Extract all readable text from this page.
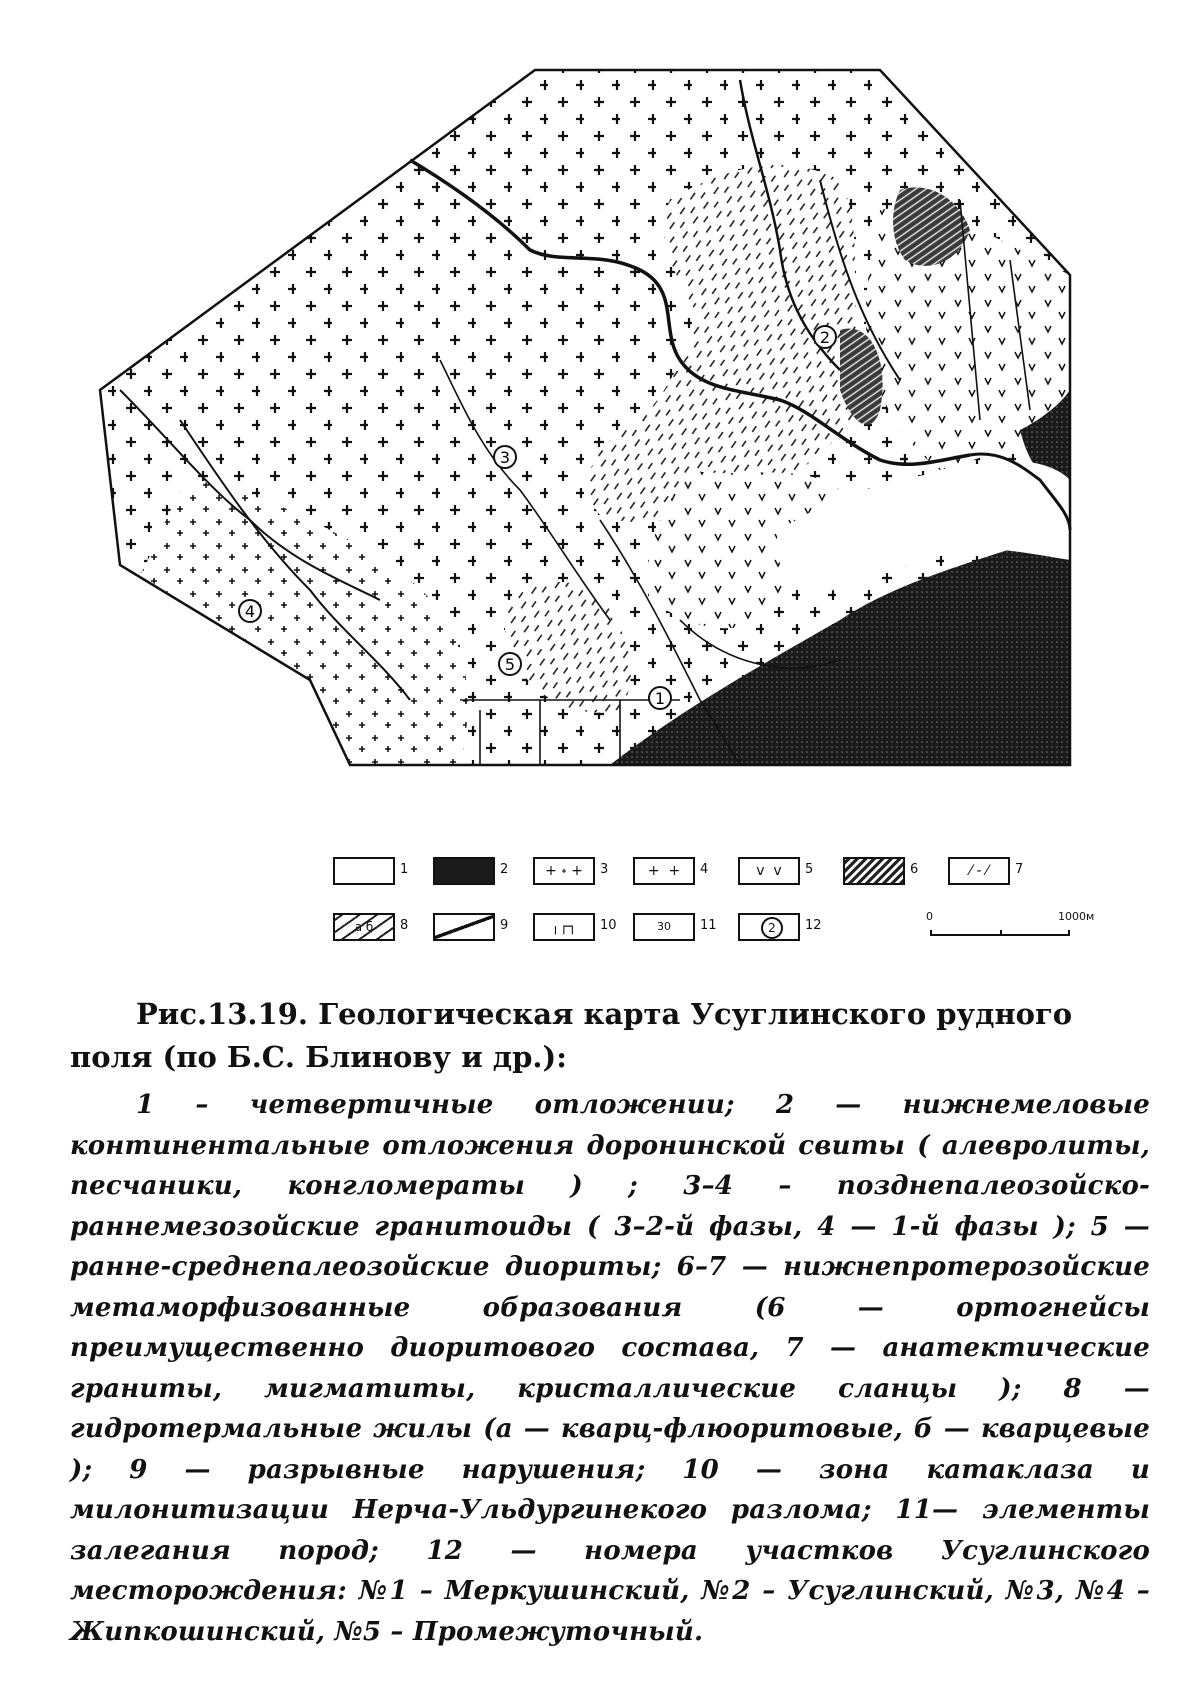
1
2
3
4
5
1	2	+ ˖ +	3	+  +	4	v  v	5	6	⁄ ‑ ⁄	7
а б	8	9	╷┌┐	10	30	11	2	12
0	1000м

Рис.13.19. Геологическая карта Усуглинского рудного поля (по Б.С. Блинову и др.):

1 – четвертичные отложении; 2 — нижнемеловые континентальные отложения доронинской свиты ( алевролиты, песчаники, конгломераты ) ; 3–4 – позднепалеозойско-раннемезозойские гранитоиды ( 3–2-й фазы, 4 — 1-й фазы ); 5 — ранне-среднепалеозойские диориты; 6–7 — нижнепротерозойские метаморфизованные образования (6 — ортогнейсы преимущественно диоритового состава, 7 — анатектические граниты, мигматиты, кристаллические сланцы ); 8 — гидротермальные жилы (а — кварц-флюоритовые, б — кварцевые ); 9 — разрывные нарушения; 10 — зона катаклаза и милонитизации Нерча-Ульдургинекого разлома; 11— элементы залегания пород; 12 — номера участков Усуглинского месторождения: №1 – Меркушинский, №2 – Усуглинский, №3, №4 – Жипкошинский, №5 – Промежуточный.
